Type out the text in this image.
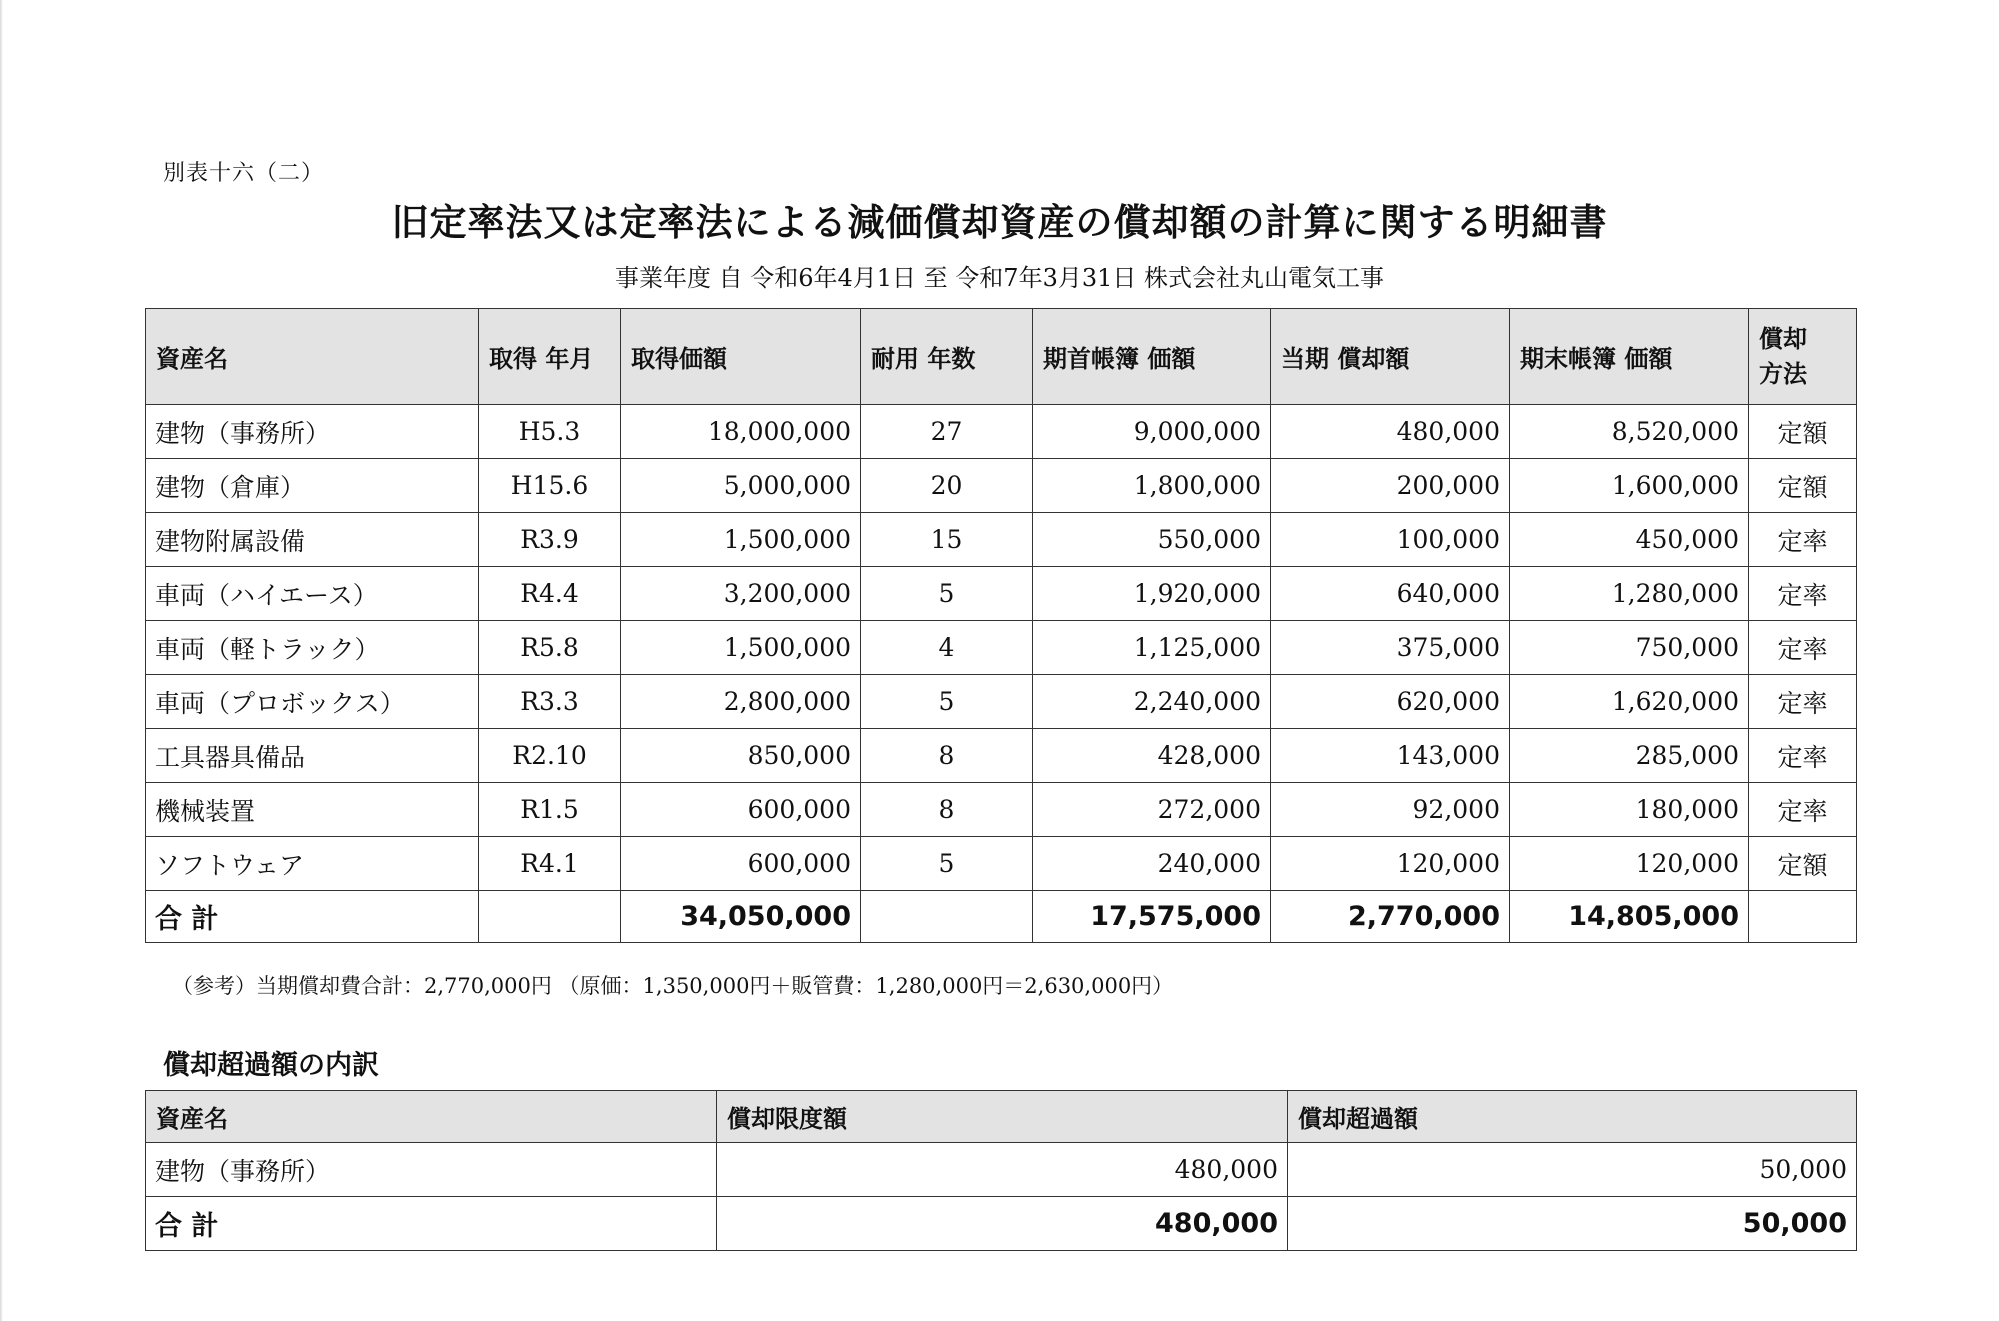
別表十六（二）
旧定率法又は定率法による減価償却資産の償却額の計算に関する明細書
事業年度 自 令和6年4月1日 至 令和7年3月31日 株式会社丸山電気工事
資産名	取得 年月	取得価額	耐用 年数	期首帳簿 価額	当期 償却額	期末帳簿 価額	償却
方法
建物（事務所）	H5.3	18,000,000	27	9,000,000	480,000	8,520,000	定額
建物（倉庫）	H15.6	5,000,000	20	1,800,000	200,000	1,600,000	定額
建物附属設備	R3.9	1,500,000	15	550,000	100,000	450,000	定率
車両（ハイエース）	R4.4	3,200,000	5	1,920,000	640,000	1,280,000	定率
車両（軽トラック）	R5.8	1,500,000	4	1,125,000	375,000	750,000	定率
車両（プロボックス）	R3.3	2,800,000	5	2,240,000	620,000	1,620,000	定率
工具器具備品	R2.10	850,000	8	428,000	143,000	285,000	定率
機械装置	R1.5	600,000	8	272,000	92,000	180,000	定率
ソフトウェア	R4.1	600,000	5	240,000	120,000	120,000	定額
合 計		34,050,000		17,575,000	2,770,000	14,805,000	
（参考）当期償却費合計：2,770,000円 （原価：1,350,000円＋販管費：1,280,000円＝2,630,000円）
償却超過額の内訳
資産名	償却限度額	償却超過額
建物（事務所）	480,000	50,000
合 計	480,000	50,000
